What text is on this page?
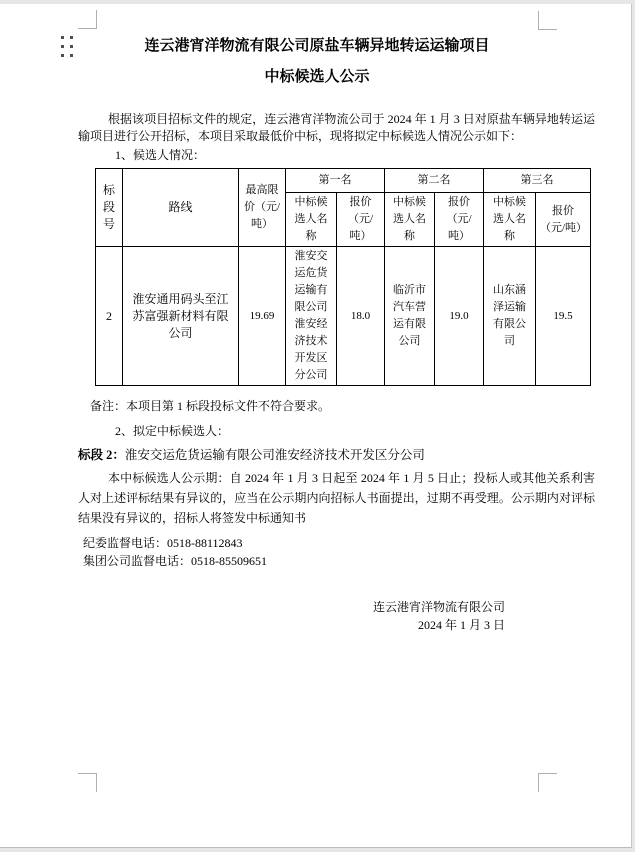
连云港宵洋物流有限公司原盐车辆异地转运运输项目
中标候选人公示
根据该项目招标文件的规定，连云港宵洋物流公司于 2024 年 1 月 3 日对原盐车辆异地转运运输项目进行公开招标，本项目采取最低价中标，现将拟定中标候选人情况公示如下：
1、候选人情况：
标段号	路线	最高限价（元/吨）	第一名		第二名		第三名	
			中标候选人名称	报价（元/吨）	中标候选人名称	报价（元/吨）	中标候选人名称	报价（元/吨）
2	淮安通用码头至江苏富强新材料有限公司	19.69	淮安交运危货运输有限公司淮安经济技术开发区分公司	18.0	临沂市汽车营运有限公司	19.0	山东涵泽运输有限公司	19.5
备注：本项目第 1 标段投标文件不符合要求。
2、拟定中标候选人：
标段 2：淮安交运危货运输有限公司淮安经济技术开发区分公司
本中标候选人公示期：自 2024 年 1 月 3 日起至 2024 年 1 月 5 日止；投标人或其他关系利害人对上述评标结果有异议的，应当在公示期内向招标人书面提出，过期不再受理。公示期内对评标结果没有异议的，招标人将签发中标通知书
纪委监督电话：0518-88112843
集团公司监督电话：0518-85509651
连云港宵洋物流有限公司
2024 年 1 月 3 日
